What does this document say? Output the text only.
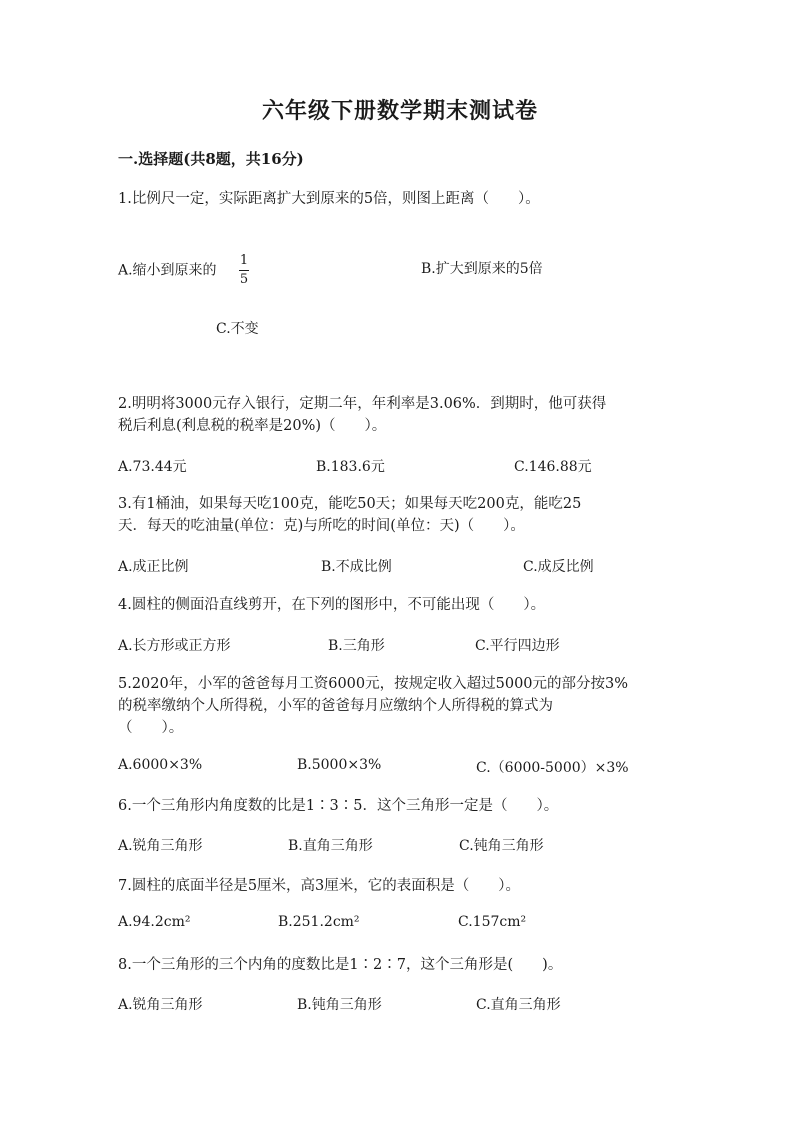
六年级下册数学期末测试卷
一.选择题(共8题，共16分)
1.比例尺一定，实际距离扩大到原来的5倍，则图上距离（　　）。
A.缩小到原来的 $\frac{1}{5}$	B.扩大到原来的5倍
C.不变
2.明明将3000元存入银行，定期二年，年利率是3.06%．到期时，他可获得
税后利息(利息税的税率是20%)（　　）。
A.73.44元	B.183.6元	C.146.88元
3.有1桶油，如果每天吃100克，能吃50天；如果每天吃200克，能吃25
天．每天的吃油量(单位：克)与所吃的时间(单位：天)（　　）。
A.成正比例	B.不成比例	C.成反比例
4.圆柱的侧面沿直线剪开，在下列的图形中，不可能出现（　　）。
A.长方形或正方形	B.三角形	C.平行四边形
5.2020年，小军的爸爸每月工资6000元，按规定收入超过5000元的部分按3%
的税率缴纳个人所得税，小军的爸爸每月应缴纳个人所得税的算式为
（　　）。
A.6000×3%	B.5000×3%	C.（6000-5000）×3%
6.一个三角形内角度数的比是1∶3∶5．这个三角形一定是（　　）。
A.锐角三角形	B.直角三角形	C.钝角三角形
7.圆柱的底面半径是5厘米，高3厘米，它的表面积是（　　）。
A.94.2cm²	B.251.2cm²	C.157cm²
8.一个三角形的三个内角的度数比是1∶2∶7，这个三角形是(　　)。
A.锐角三角形	B.钝角三角形	C.直角三角形
